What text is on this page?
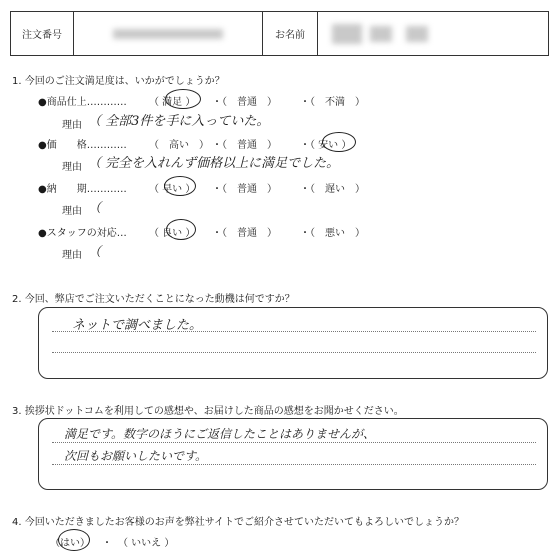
注文番号	お名前
1. 今回のご注文満足度は、いかがでしょうか？
●商品仕上………… （ 満足 ） ・（　普通　） ・（　不満　）
理由 （ 全部3件を手に入っていた。
●価　　格………… （　高い　） ・（　普通　） ・（ 安い ）
理由 （ 完全を入れんず価格以上に満足でした。
●納　　期………… （ 早い ） ・（　普通　） ・（　遅い　）
理由 （
●スタッフの対応… （ 良い ） ・（　普通　） ・（　悪い　）
理由 （
2. 今回、弊店でご注文いただくことになった動機は何ですか？
ネットで調べました。
3. 挨拶状ドットコムを利用しての感想や、お届けした商品の感想をお聞かせください。
満足です。数字のほうにご返信したことはありませんが、
次回もお願いしたいです。
4. 今回いただきましたお客様のお声を弊社サイトでご紹介させていただいてもよろしいでしょうか？
（はい） ・ （ いいえ ）
